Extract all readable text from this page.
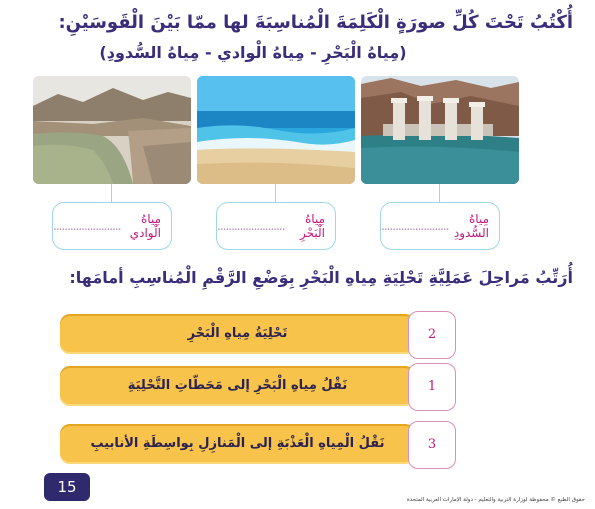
أُكْتُبُ تَحْتَ كُلِّ صورَةٍ الْكَلِمَةَ الْمُناسِبَةَ لها ممّا بَيْنَ الْقَوسَيْنِ:
(مِياهُ الْبَحْرِ - مِياهُ الْوادي - مِياهُ السُّدودِ)
مِياهُ الْوادي
........................	مِياهُ الْبَحْرِ
........................	مِياهُ السُّدودِ
........................
أُرَتِّبُ مَراحِلَ عَمَلِيَّةِ تَحْلِيَةِ مِياهِ الْبَحْرِ بِوَضْعِ الرَّقْمِ الْمُناسِبِ أمامَها:
تَحْلِيَةُ مِياهِ الْبَحْرِ	2
نَقْلُ مِياهِ الْبَحْرِ إلى مَحَطّاتِ التَّحْلِيَةِ	1
نَقْلُ الْمِياهِ الْعَذْبَةِ إلى الْمَنازِلِ بِواسِطَةِ الأنابيبِ	3
15
حقوق الطبع © محفوظة لوزارة التربية والتعليم - دولة الإمارات العربية المتحدة
